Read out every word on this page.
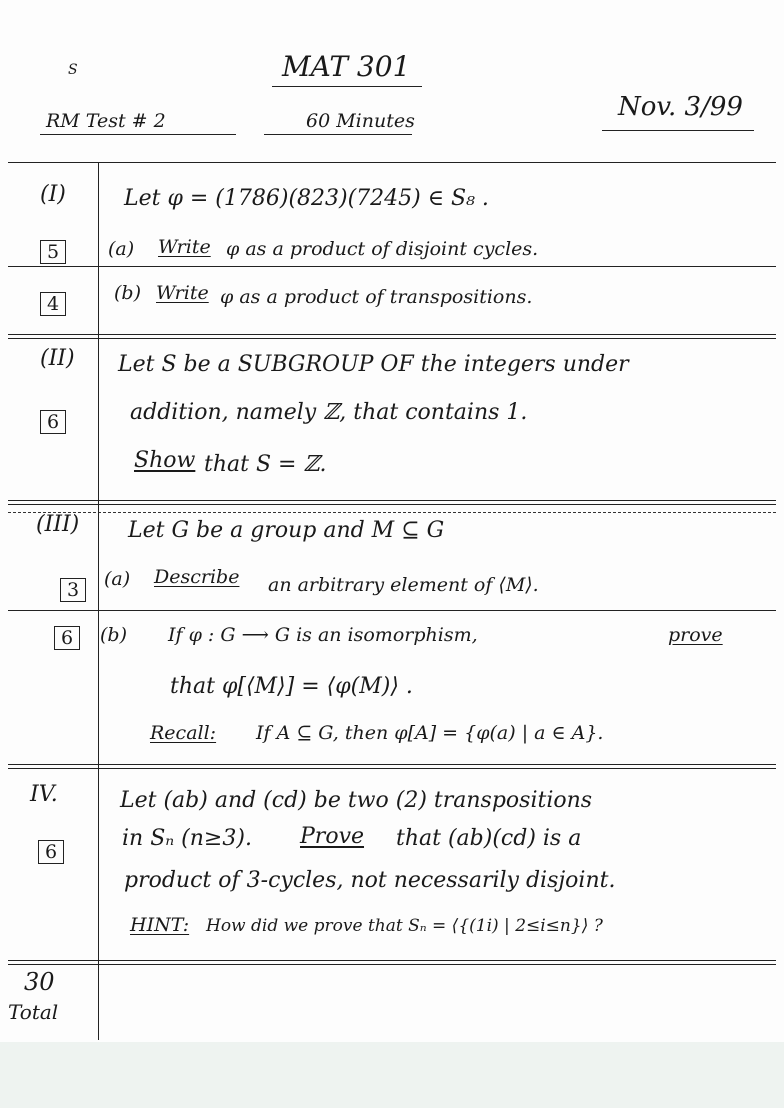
S	MAT 301
RM Test # 2	60 Minutes	Nov. 3/99
(I)	Let φ = (1786)(823)(7245) ∈ S₈ .
5	(a) Write φ as a product of disjoint cycles.
4	(b) Write φ as a product of transpositions.
(II) Let S be a SUBGROUP OF the integers under
6	addition, namely ℤ, that contains 1.
Show that S = ℤ.
(III) Let G be a group and M ⊆ G
3	(a) Describe an arbitrary element of ⟨M⟩.
6	(b) If φ : G ⟶ G is an isomorphism,	prove
that φ[⟨M⟩] = ⟨φ(M)⟩ .
Recall: If A ⊆ G, then φ[A] = {φ(a) | a ∈ A}.
IV.	Let (ab) and (cd) be two (2) transpositions
6
in Sₙ (n≥3). Prove that (ab)(cd) is a
product of 3-cycles, not necessarily disjoint.
HINT: How did we prove that Sₙ = ⟨{(1i) | 2≤i≤n}⟩ ?
30
Total
